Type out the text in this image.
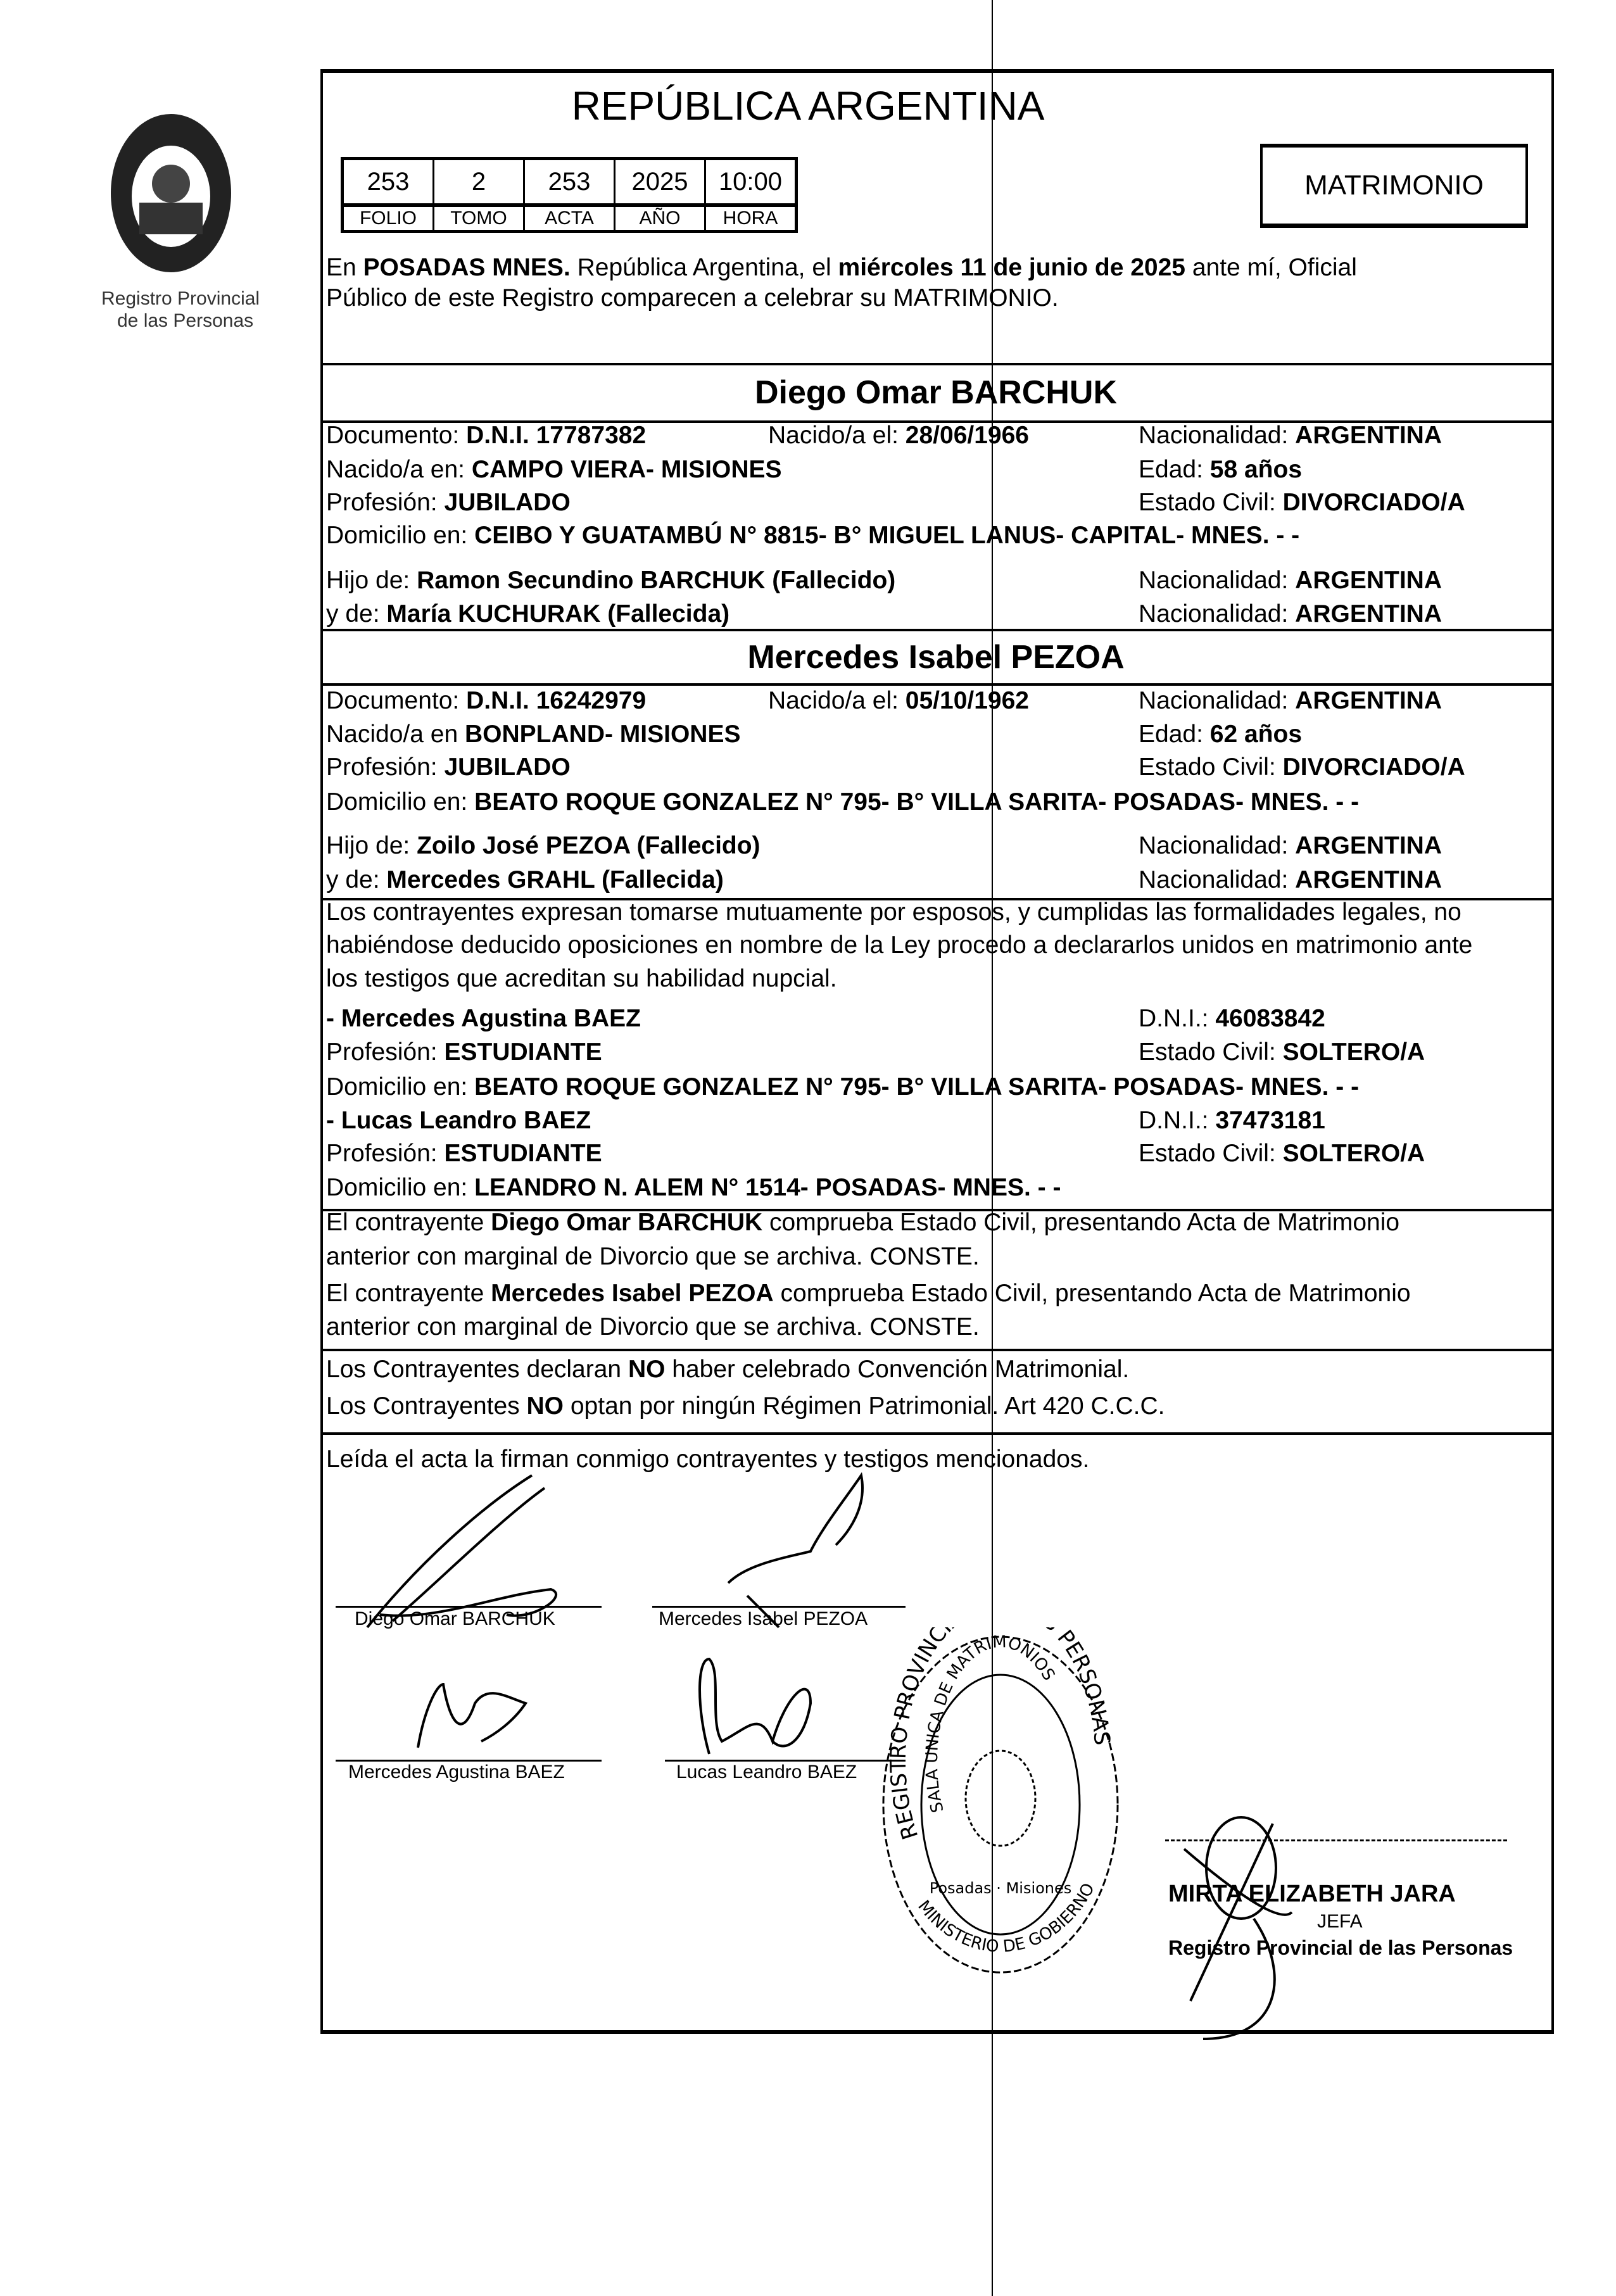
Registro Provincial
de las Personas
REPÚBLICA ARGENTINA
253	2	253	2025	10:00
FOLIO	TOMO	ACTA	AÑO	HORA
MATRIMONIO
En POSADAS MNES. República Argentina, el miércoles 11 de junio de 2025 ante mí, Oficial
Público de este Registro comparecen a celebrar su MATRIMONIO.
Diego Omar BARCHUK
Documento: D.N.I. 17787382	Nacido/a el: 28/06/1966	Nacionalidad: ARGENTINA
Nacido/a en: CAMPO VIERA- MISIONES	Edad: 58 años
Profesión: JUBILADO	Estado Civil: DIVORCIADO/A
Domicilio en: CEIBO Y GUATAMBÚ N° 8815- B° MIGUEL LANUS- CAPITAL- MNES. - -
Hijo de: Ramon Secundino BARCHUK (Fallecido)	Nacionalidad: ARGENTINA
y de: María KUCHURAK (Fallecida)	Nacionalidad: ARGENTINA
Mercedes Isabel PEZOA
Documento: D.N.I. 16242979	Nacido/a el: 05/10/1962	Nacionalidad: ARGENTINA
Nacido/a en BONPLAND- MISIONES	Edad: 62 años
Profesión: JUBILADO	Estado Civil: DIVORCIADO/A
Domicilio en: BEATO ROQUE GONZALEZ N° 795- B° VILLA SARITA- POSADAS- MNES. - -
Hijo de: Zoilo José PEZOA (Fallecido)	Nacionalidad: ARGENTINA
y de: Mercedes GRAHL (Fallecida)	Nacionalidad: ARGENTINA
Los contrayentes expresan tomarse mutuamente por esposos, y cumplidas las formalidades legales, no
habiéndose deducido oposiciones en nombre de la Ley procedo a declararlos unidos en matrimonio ante
los testigos que acreditan su habilidad nupcial.
- Mercedes Agustina BAEZ	D.N.I.: 46083842
Profesión: ESTUDIANTE	Estado Civil: SOLTERO/A
Domicilio en: BEATO ROQUE GONZALEZ N° 795- B° VILLA SARITA- POSADAS- MNES. - -
- Lucas Leandro BAEZ	D.N.I.: 37473181
Profesión: ESTUDIANTE	Estado Civil: SOLTERO/A
Domicilio en: LEANDRO N. ALEM N° 1514- POSADAS- MNES. - -
El contrayente Diego Omar BARCHUK comprueba Estado Civil, presentando Acta de Matrimonio
anterior con marginal de Divorcio que se archiva. CONSTE.
El contrayente Mercedes Isabel PEZOA comprueba Estado Civil, presentando Acta de Matrimonio
anterior con marginal de Divorcio que se archiva. CONSTE.
Los Contrayentes declaran NO haber celebrado Convención Matrimonial.
Los Contrayentes NO optan por ningún Régimen Patrimonial. Art 420 C.C.C.
Leída el acta la firman conmigo contrayentes y testigos mencionados.
Diego Omar BARCHUK	Mercedes Isabel PEZOA
Mercedes Agustina BAEZ	Lucas Leandro BAEZ
REGISTRO PROVINC PERSONAS
SALA UNICA DE MATRIMONIOS
MINISTERIO DE GOBIERNO
Posadas · Misiones	MIRTA ELIZABETH JARA
JEFA
Registro Provincial de las Personas
